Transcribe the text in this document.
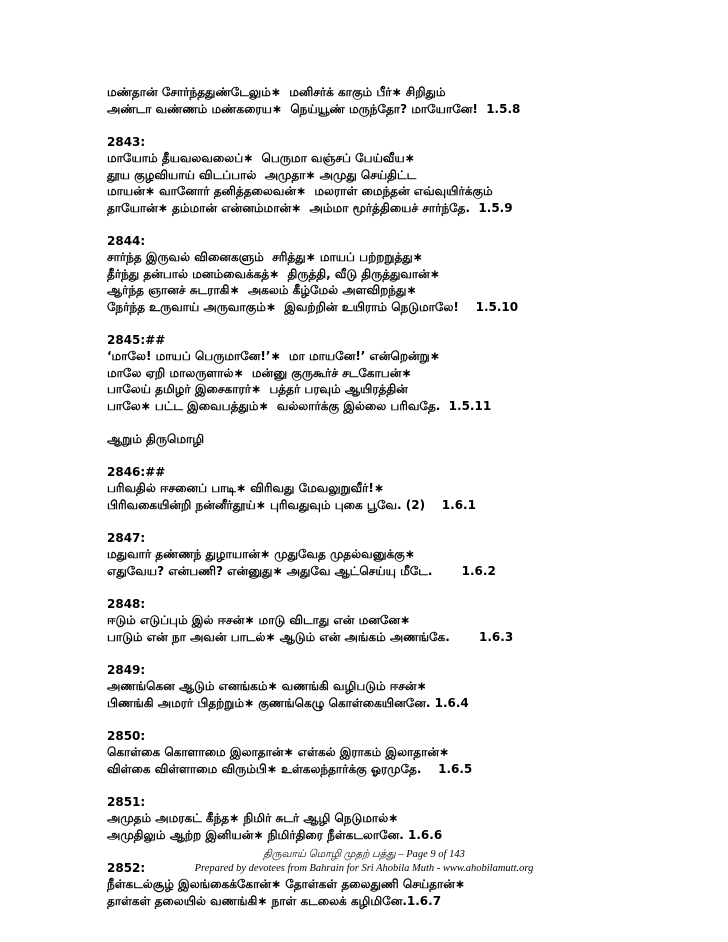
மண்தான் சோர்ந்ததுண்டேலும்∗  மனிசர்க் காகும் பீர்∗ சிறிதும்
அண்டா வண்ணம் மண்கரைய∗  நெய்யூண் மருந்தோ? மாயோனே!  1.5.8
2843:
மாயோம் தீயவலவலைப்∗  பெருமா வஞ்சப் பேய்வீய∗
தூய குழவியாய் விடப்பால்  அமுதா∗ அமுது செய்திட்ட
மாயன்∗ வானோர் தனித்தலைவன்∗  மலராள் மைந்தன் எவ்வுயிர்க்கும்
தாயோன்∗ தம்மான் என்னம்மான்∗  அம்மா மூர்த்தியைச் சார்ந்தே.  1.5.9
2844:
சார்ந்த இருவல் வினைகளும்  சரித்து∗ மாயப் பற்றறுத்து∗
தீர்ந்து தன்பால் மனம்வைக்கத்∗  திருத்தி, வீடு திருத்துவான்∗
ஆர்ந்த ஞானச் சுடராகி∗  அகலம் கீழ்மேல் அளவிறந்து∗
நேர்ந்த உருவாய் அருவாகும்∗  இவற்றின் உயிராம் நெடுமாலே!    1.5.10
2845:##
‘மாலே! மாயப் பெருமானே!’∗  மா மாயனே!’ என்றென்று∗
மாலே ஏறி மாலருளால்∗  மன்னு குருகூர்ச் சடகோபன்∗
பாலேய் தமிழர் இசைகாரர்∗  பத்தர் பரவும் ஆயிரத்தின்
பாலே∗ பட்ட இவைபத்தும்∗  வல்லார்க்கு இல்லை பரிவதே.  1.5.11
ஆறும் திருமொழி
2846:##
பரிவதில் ஈசனைப் பாடி∗ விரிவது மேவலுறுவீர்!∗
பிரிவகையின்றி நன்னீர்தூய்∗ புரிவதுவும் புகை பூவே. (2)    1.6.1
2847:
மதுவார் தண்ணந் துழாயான்∗ முதுவேத முதல்வனுக்கு∗
எதுவேய? என்பணி? என்னுது∗ அதுவே ஆட்செய்யு மீடே.       1.6.2
2848:
ஈடும் எடுப்பும் இல் ஈசன்∗ மாடு விடாது என் மனனே∗
பாடும் என் நா அவன் பாடல்∗ ஆடும் என் அங்கம் அணங்கே.       1.6.3
2849:
அணங்கென ஆடும் எனங்கம்∗ வணங்கி வழிபடும் ஈசன்∗
பிணங்கி அமரர் பிதற்றும்∗ குணங்கெழு கொள்கையினனே. 1.6.4
2850:
கொள்கை கொளாமை இலாதான்∗ எள்கல் இராகம் இலாதான்∗
விள்கை விள்ளாமை விரும்பி∗ உள்கலந்தார்க்கு ஓரமுதே.    1.6.5
2851:
அமுதம் அமரகட் கீந்த∗ நிமிர் சுடர் ஆழி நெடுமால்∗
அமுதிலும் ஆற்ற இனியன்∗ நிமிர்திரை நீள்கடலானே. 1.6.6
2852:
நீள்கடல்சூழ் இலங்கைக்கோன்∗ தோள்கள் தலைதுணி செய்தான்∗
தாள்கள் தலையில் வணங்கி∗ நாள் கடலைக் கழிமினே.1.6.7
திருவாய் மொழி முதற் பத்து – Page 9 of 143
Prepared by devotees from Bahrain for Sri Ahobila Muth - www.ahobilamutt.org
